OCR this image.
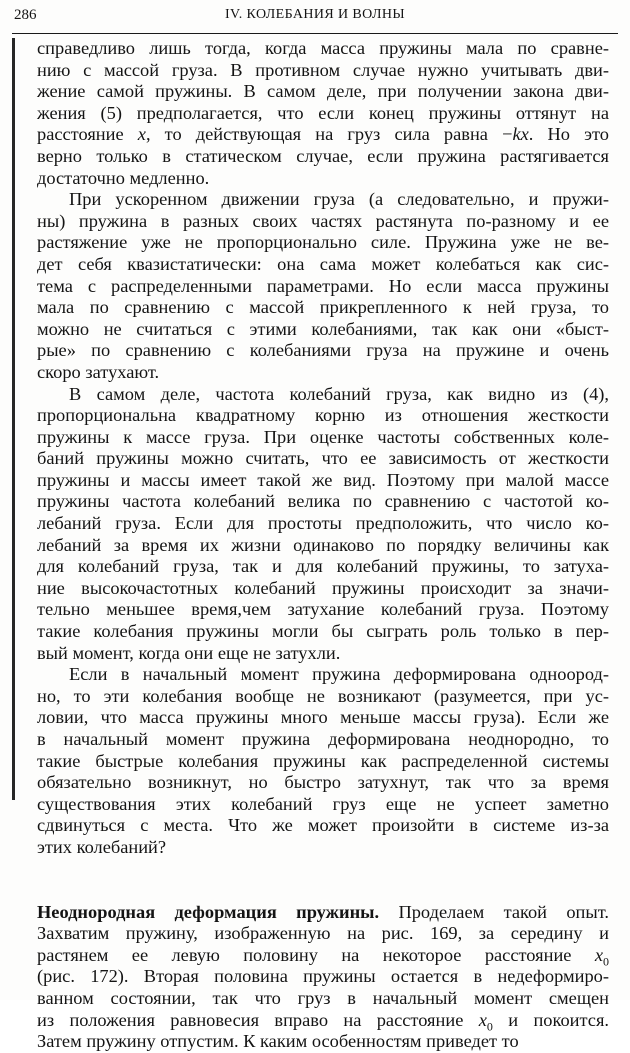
286	IV. КОЛЕБАНИЯ И ВОЛНЫ
справедливо лишь тогда, когда масса пружины мала по сравне-
нию с массой груза. В противном случае нужно учитывать дви-
жение самой пружины. В самом деле, при получении закона дви-
жения (5) предполагается, что если конец пружины оттянут на
расстояние x, то действующая на груз сила равна −kx. Но это
верно только в статическом случае, если пружина растягивается
достаточно медленно.
При ускоренном движении груза (а следовательно, и пружи-
ны) пружина в разных своих частях растянута по-разному и ее
растяжение уже не пропорционально силе. Пружина уже не ве-
дет себя квазистатически: она сама может колебаться как сис-
тема с распределенными параметрами. Но если масса пружины
мала по сравнению с массой прикрепленного к ней груза, то
можно не считаться с этими колебаниями, так как они «быст-
рые» по сравнению с колебаниями груза на пружине и очень
скоро затухают.
В самом деле, частота колебаний груза, как видно из (4),
пропорциональна квадратному корню из отношения жесткости
пружины к массе груза. При оценке частоты собственных коле-
баний пружины можно считать, что ее зависимость от жесткости
пружины и массы имеет такой же вид. Поэтому при малой массе
пружины частота колебаний велика по сравнению с частотой ко-
лебаний груза. Если для простоты предположить, что число ко-
лебаний за время их жизни одинаково по порядку величины как
для колебаний груза, так и для колебаний пружины, то затуха-
ние высокочастотных колебаний пружины происходит за значи-
тельно меньшее время,чем затухание колебаний груза. Поэтому
такие колебания пружины могли бы сыграть роль только в пер-
вый момент, когда они еще не затухли.
Если в начальный момент пружина деформирована одноород-
но, то эти колебания вообще не возникают (разумеется, при ус-
ловии, что масса пружины много меньше массы груза). Если же
в начальный момент пружина деформирована неоднородно, то
такие быстрые колебания пружины как распределенной системы
обязательно возникнут, но быстро затухнут, так что за время
существования этих колебаний груз еще не успеет заметно
сдвинуться с места. Что же может произойти в системе из-за
этих колебаний?
Неоднородная деформация пружины. Проделаем такой опыт.
Захватим пружину, изображенную на рис. 169, за середину и
растянем ее левую половину на некоторое расстояние $x_0$
(рис. 172). Вторая половина пружины остается в недеформиро-
ванном состоянии, так что груз в начальный момент смещен
из положения равновесия вправо на расстояние $x_0$ и покоится.
Затем пружину отпустим. К каким особенностям приведет то
